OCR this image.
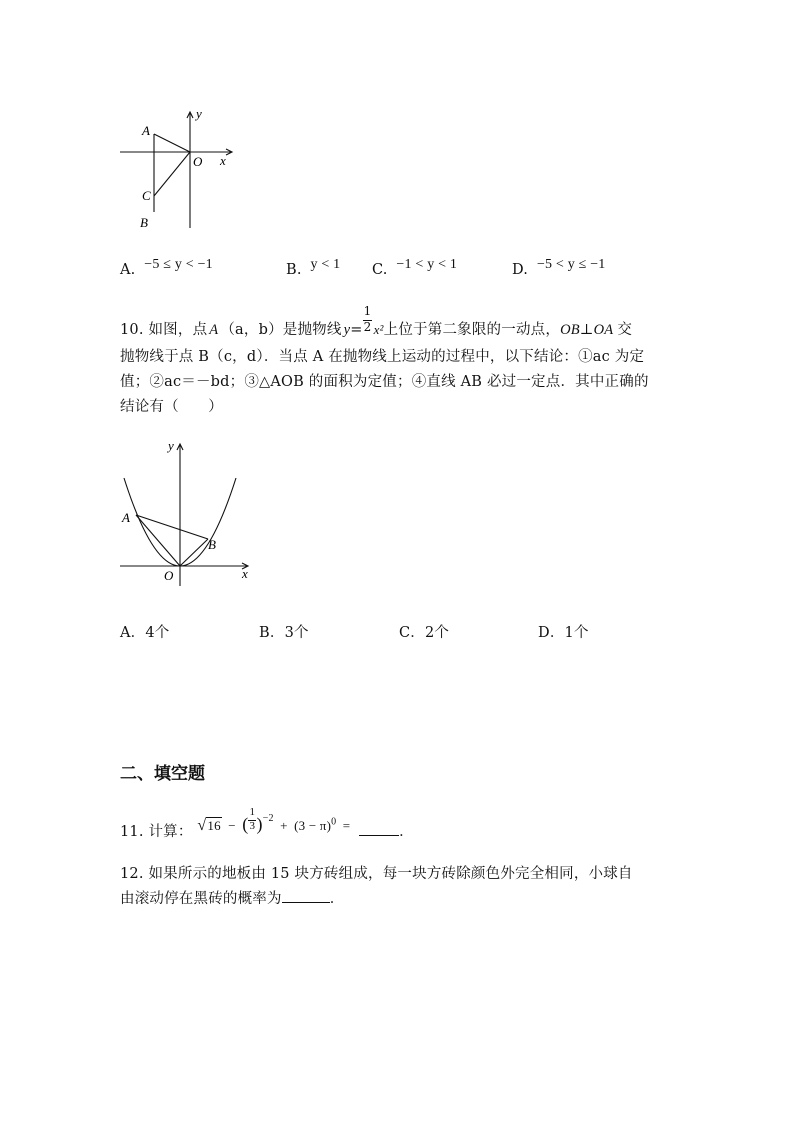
A
C
B
O x
y
A. −5 ≤ y < −1	B. y < 1 C. −1 < y < 1	D. −5 < y ≤ −1
10. 如图，点 A （a，b）是抛物线 $y= \frac{1}{2} x^2$上位于第二象限的一动点，OB⊥OA 交
抛物线于点 B（c，d）．当点 A 在抛物线上运动的过程中，以下结论：①ac 为定
值；②ac＝－bd；③△AOB 的面积为定值；④直线 AB 必过一定点．其中正确的
结论有（　　）
A
B
O	x
y
A．4个	B．3个	C．2个	D．1个
二、填空题
11. 计算： √16 − ( $\frac{1}{3} )^{-2} + (3 - \pi)^0$ =	．
12. 如果所示的地板由 15 块方砖组成，每一块方砖除颜色外完全相同，小球自
由滚动停在黑砖的概率为	．
